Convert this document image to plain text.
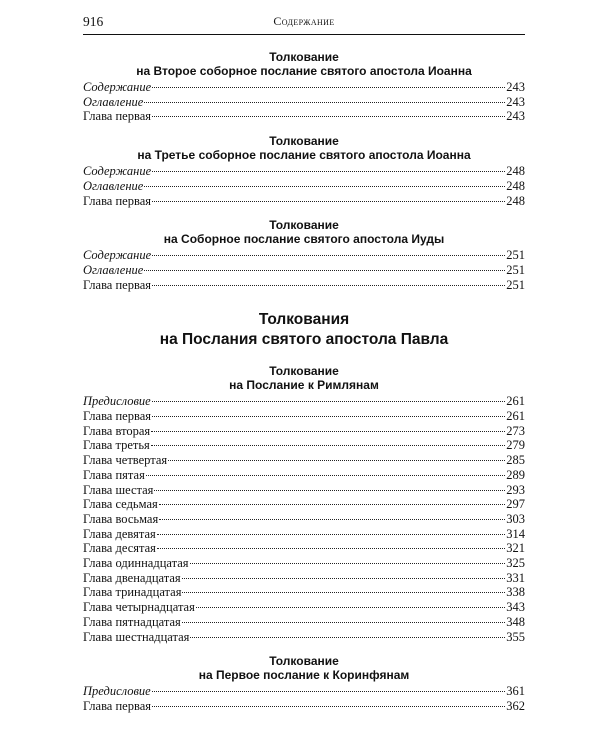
916	Содержание
Толкование
на Второе соборное послание святого апостола Иоанна
Содержание	243
Оглавление	243
Глава первая	243
Толкование
на Третье соборное послание святого апостола Иоанна
Содержание	248
Оглавление	248
Глава первая	248
Толкование
на Соборное послание святого апостола Иуды
Содержание	251
Оглавление	251
Глава первая	251
Толкования
на Послания святого апостола Павла
Толкование
на Послание к Римлянам
Предисловие	261
Глава первая	261
Глава вторая	273
Глава третья	279
Глава четвертая	285
Глава пятая	289
Глава шестая	293
Глава седьмая	297
Глава восьмая	303
Глава девятая	314
Глава десятая	321
Глава одиннадцатая	325
Глава двенадцатая	331
Глава тринадцатая	338
Глава четырнадцатая	343
Глава пятнадцатая	348
Глава шестнадцатая	355
Толкование
на Первое послание к Коринфянам
Предисловие	361
Глава первая	362
